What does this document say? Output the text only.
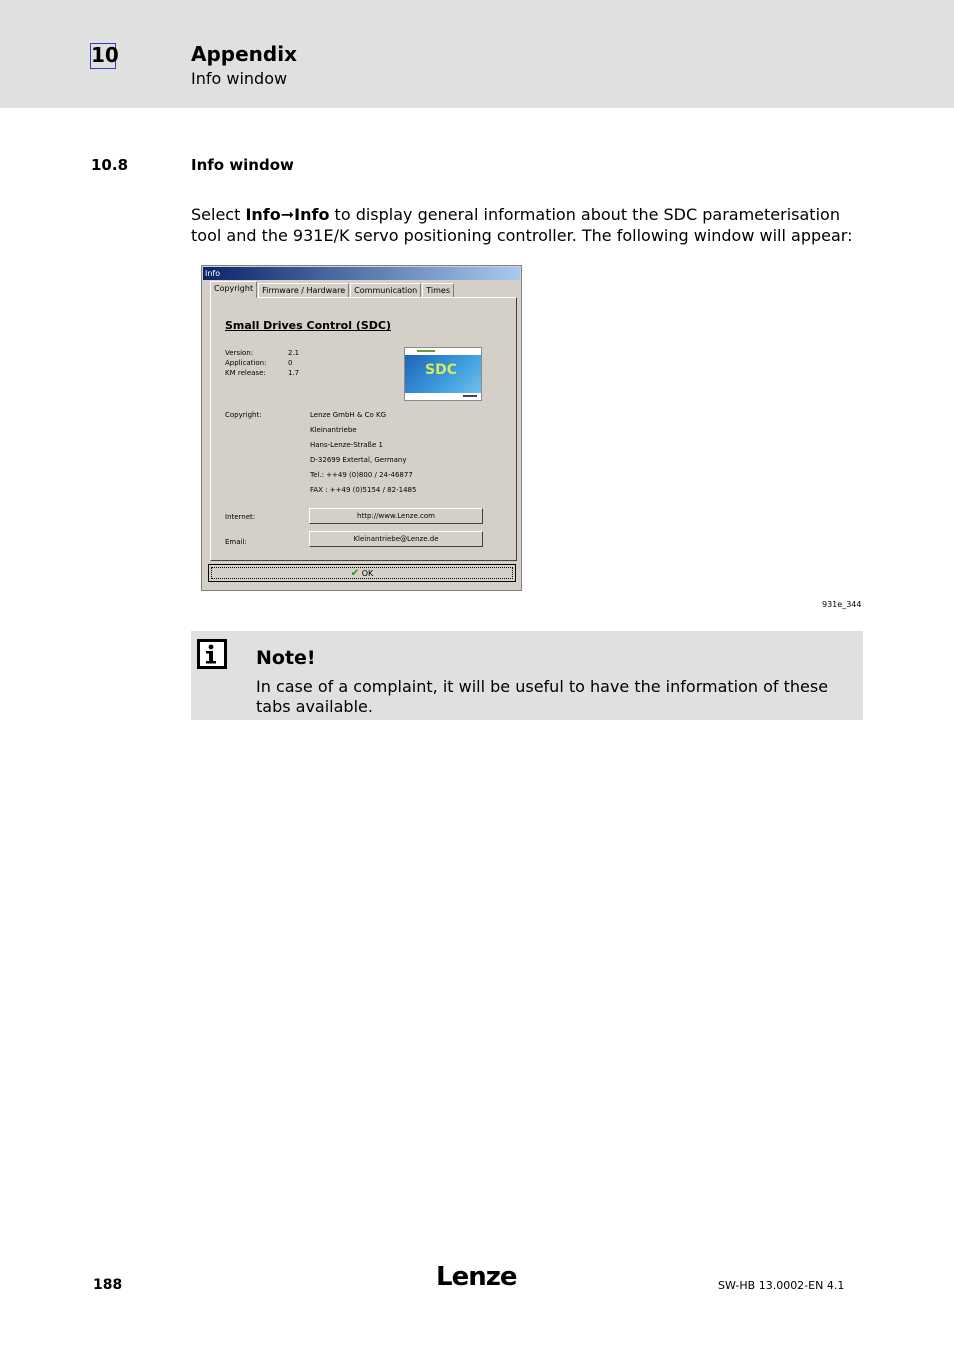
10	Appendix
Info window
10.8	Info window
Select Info➞Info to display general information about the SDC parameterisation tool and the 931E/K servo positioning controller. The following window will appear:
Info
Copyright	Firmware / Hardware	Communication	Times
Small Drives Control (SDC)
Version:	2.1
Application:	0
KM release:	1.7	SDC
Copyright:	Lenze GmbH & Co KG
Kleinantriebe
Hans-Lenze-Straße 1
D-32699 Extertal, Germany
Tel.: ++49 (0)800 / 24-46877
FAX : ++49 (0)5154 / 82-1485
Internet:	http://www.Lenze.com
Email:	Kleinantriebe@Lenze.de
✔ OK
931e_344
Note!
In case of a complaint, it will be useful to have the information of these tabs available.
188	Lenze	SW-HB 13.0002-EN 4.1
